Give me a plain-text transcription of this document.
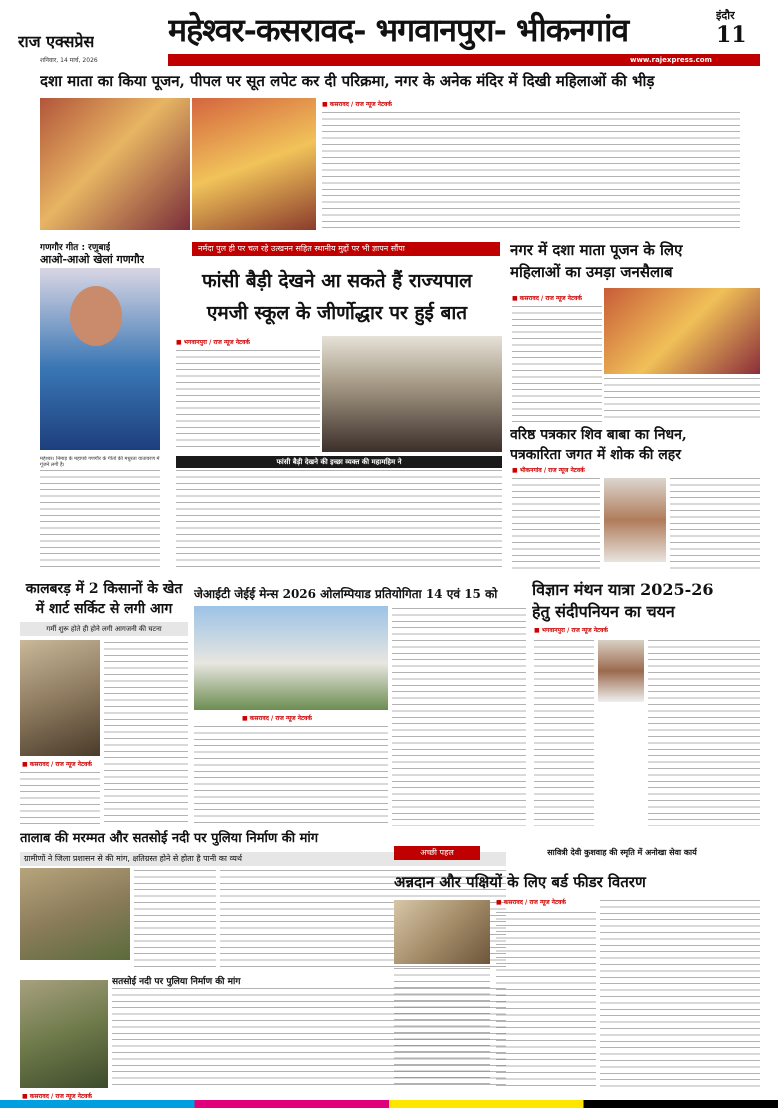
राज एक्सप्रेस
शनिवार, 14 मार्च, 2026
महेश्वर-कसरावद- भगवानपुरा- भीकनगांव	इंदौर
11
www.rajexpress.com
दशा माता का किया पूजन, पीपल पर सूत लपेट कर दी परिक्रमा, नगर के अनेक मंदिर में दिखी महिलाओं की भीड़
■ कसरावद / राज न्यूज नेटवर्क
गणगौर गीत : रणुबाई
आओ-आओ खेलां गणगौर
महेश्वर। निमाड़ के महापर्व गणगौर के गीतों की मधुरता वातावरण में गूंजने लगी है।
नर्मदा पुल ही पर चल रहे उत्खनन सहित स्थानीय मुद्दों पर भी ज्ञापन सौंपा
फांसी बैड़ी देखने आ सकते हैं राज्यपाल
एमजी स्कूल के जीर्णोद्धार पर हुई बात
■ भगवानपुरा / राज न्यूज नेटवर्क
फांसी बैड़ी देखने की इच्छा व्यक्त की महामहिम ने
नगर में दशा माता पूजन के लिए
महिलाओं का उमड़ा जनसैलाब
■ कसरावद / राज न्यूज नेटवर्क
वरिष्ठ पत्रकार शिव बाबा का निधन,
पत्रकारिता जगत में शोक की लहर
■ भीकनगांव / राज न्यूज नेटवर्क
कालबरड़ में 2 किसानों के खेत
में शार्ट सर्किट से लगी आग
गर्मी शुरू होते ही होने लगी आगजनी की घटना
■ कसरावद / राज न्यूज नेटवर्क
जेआईटी जेईई मेन्स 2026 ओलम्पियाड प्रतियोगिता 14 एवं 15 को
■ कसरावद / राज न्यूज नेटवर्क
विज्ञान मंथन यात्रा 2025-26
हेतु संदीपनियन का चयन
■ भगवानपुरा / राज न्यूज नेटवर्क
तालाब की मरम्मत और सतसोई नदी पर पुलिया निर्माण की मांग
ग्रामीणों ने जिला प्रशासन से की मांग, क्षतिग्रस्त होने से होता है पानी का व्यर्थ
सतसोई नदी पर पुलिया निर्माण की मांग
■ कसरावद / राज न्यूज नेटवर्क
अच्छी पहल	सावित्री देवी कुशवाह की स्मृति में अनोखा सेवा कार्य
अन्नदान और पक्षियों के लिए बर्ड फीडर वितरण
■ कसरावद / राज न्यूज नेटवर्क
